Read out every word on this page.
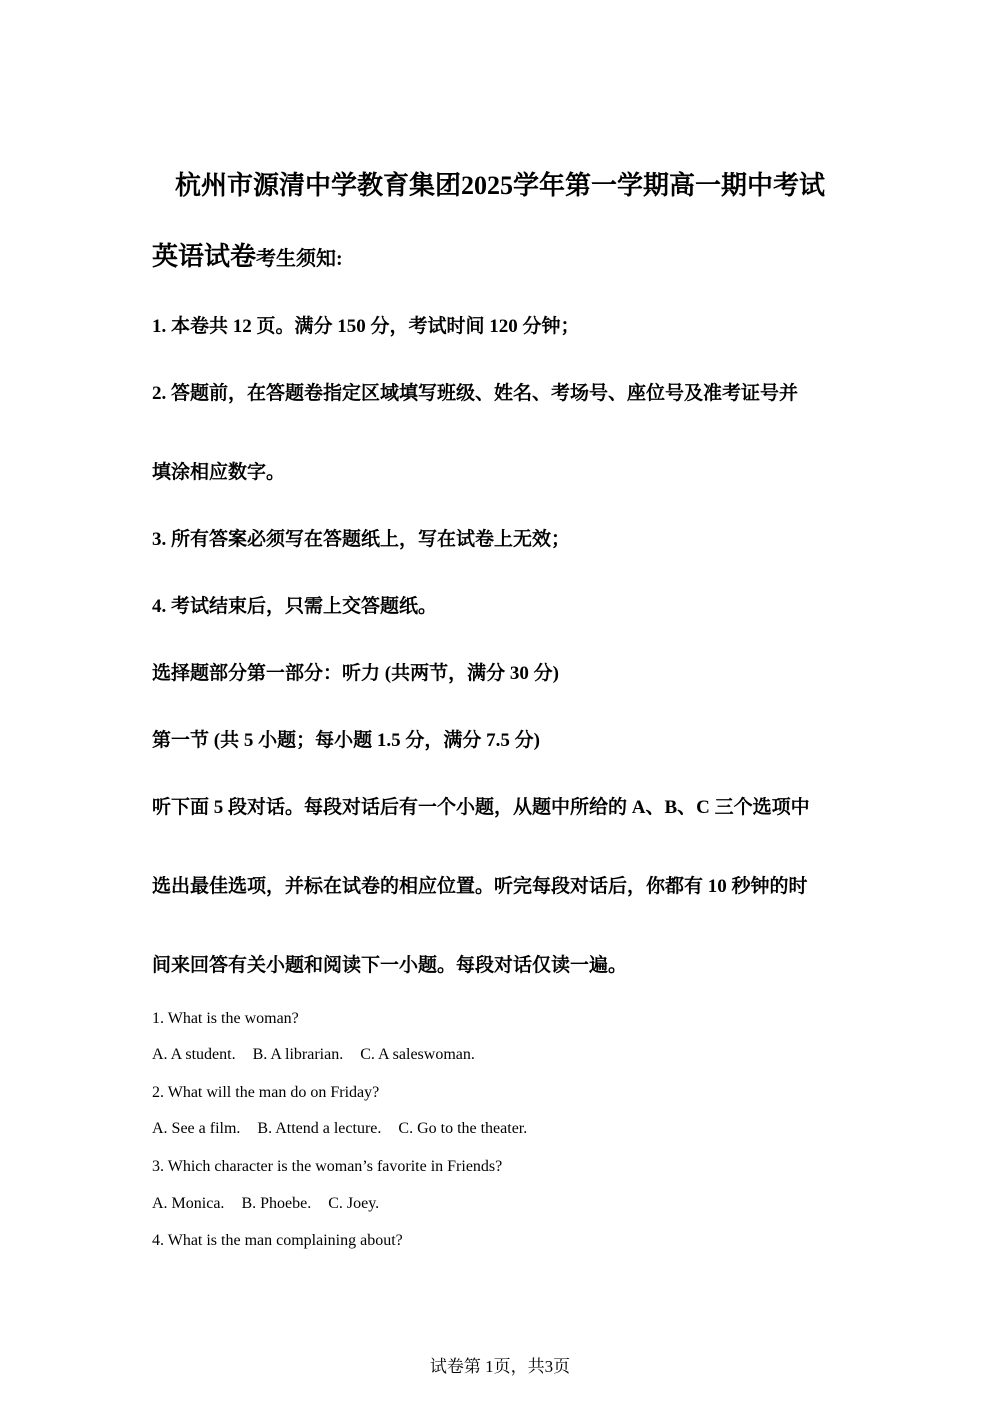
杭州市源清中学教育集团2025学年第一学期高一期中考试
英语试卷考生须知:

1. 本卷共 12 页。满分 150 分，考试时间 120 分钟；

2. 答题前，在答题卷指定区域填写班级、姓名、考场号、座位号及准考证号并

填涂相应数字。

3. 所有答案必须写在答题纸上，写在试卷上无效；

4. 考试结束后，只需上交答题纸。

选择题部分第一部分：听力 (共两节，满分 30 分)

第一节 (共 5 小题；每小题 1.5 分，满分 7.5 分)

听下面 5 段对话。每段对话后有一个小题，从题中所给的 A、B、C 三个选项中

选出最佳选项，并标在试卷的相应位置。听完每段对话后，你都有 10 秒钟的时

间来回答有关小题和阅读下一小题。每段对话仅读一遍。

1. What is the woman?

A. A student. B. A librarian. C. A saleswoman.

2. What will the man do on Friday?

A. See a film. B. Attend a lecture. C. Go to the theater.

3. Which character is the woman’s favorite in Friends?

A. Monica. B. Phoebe. C. Joey.

4. What is the man complaining about?

试卷第 1页，共3页
